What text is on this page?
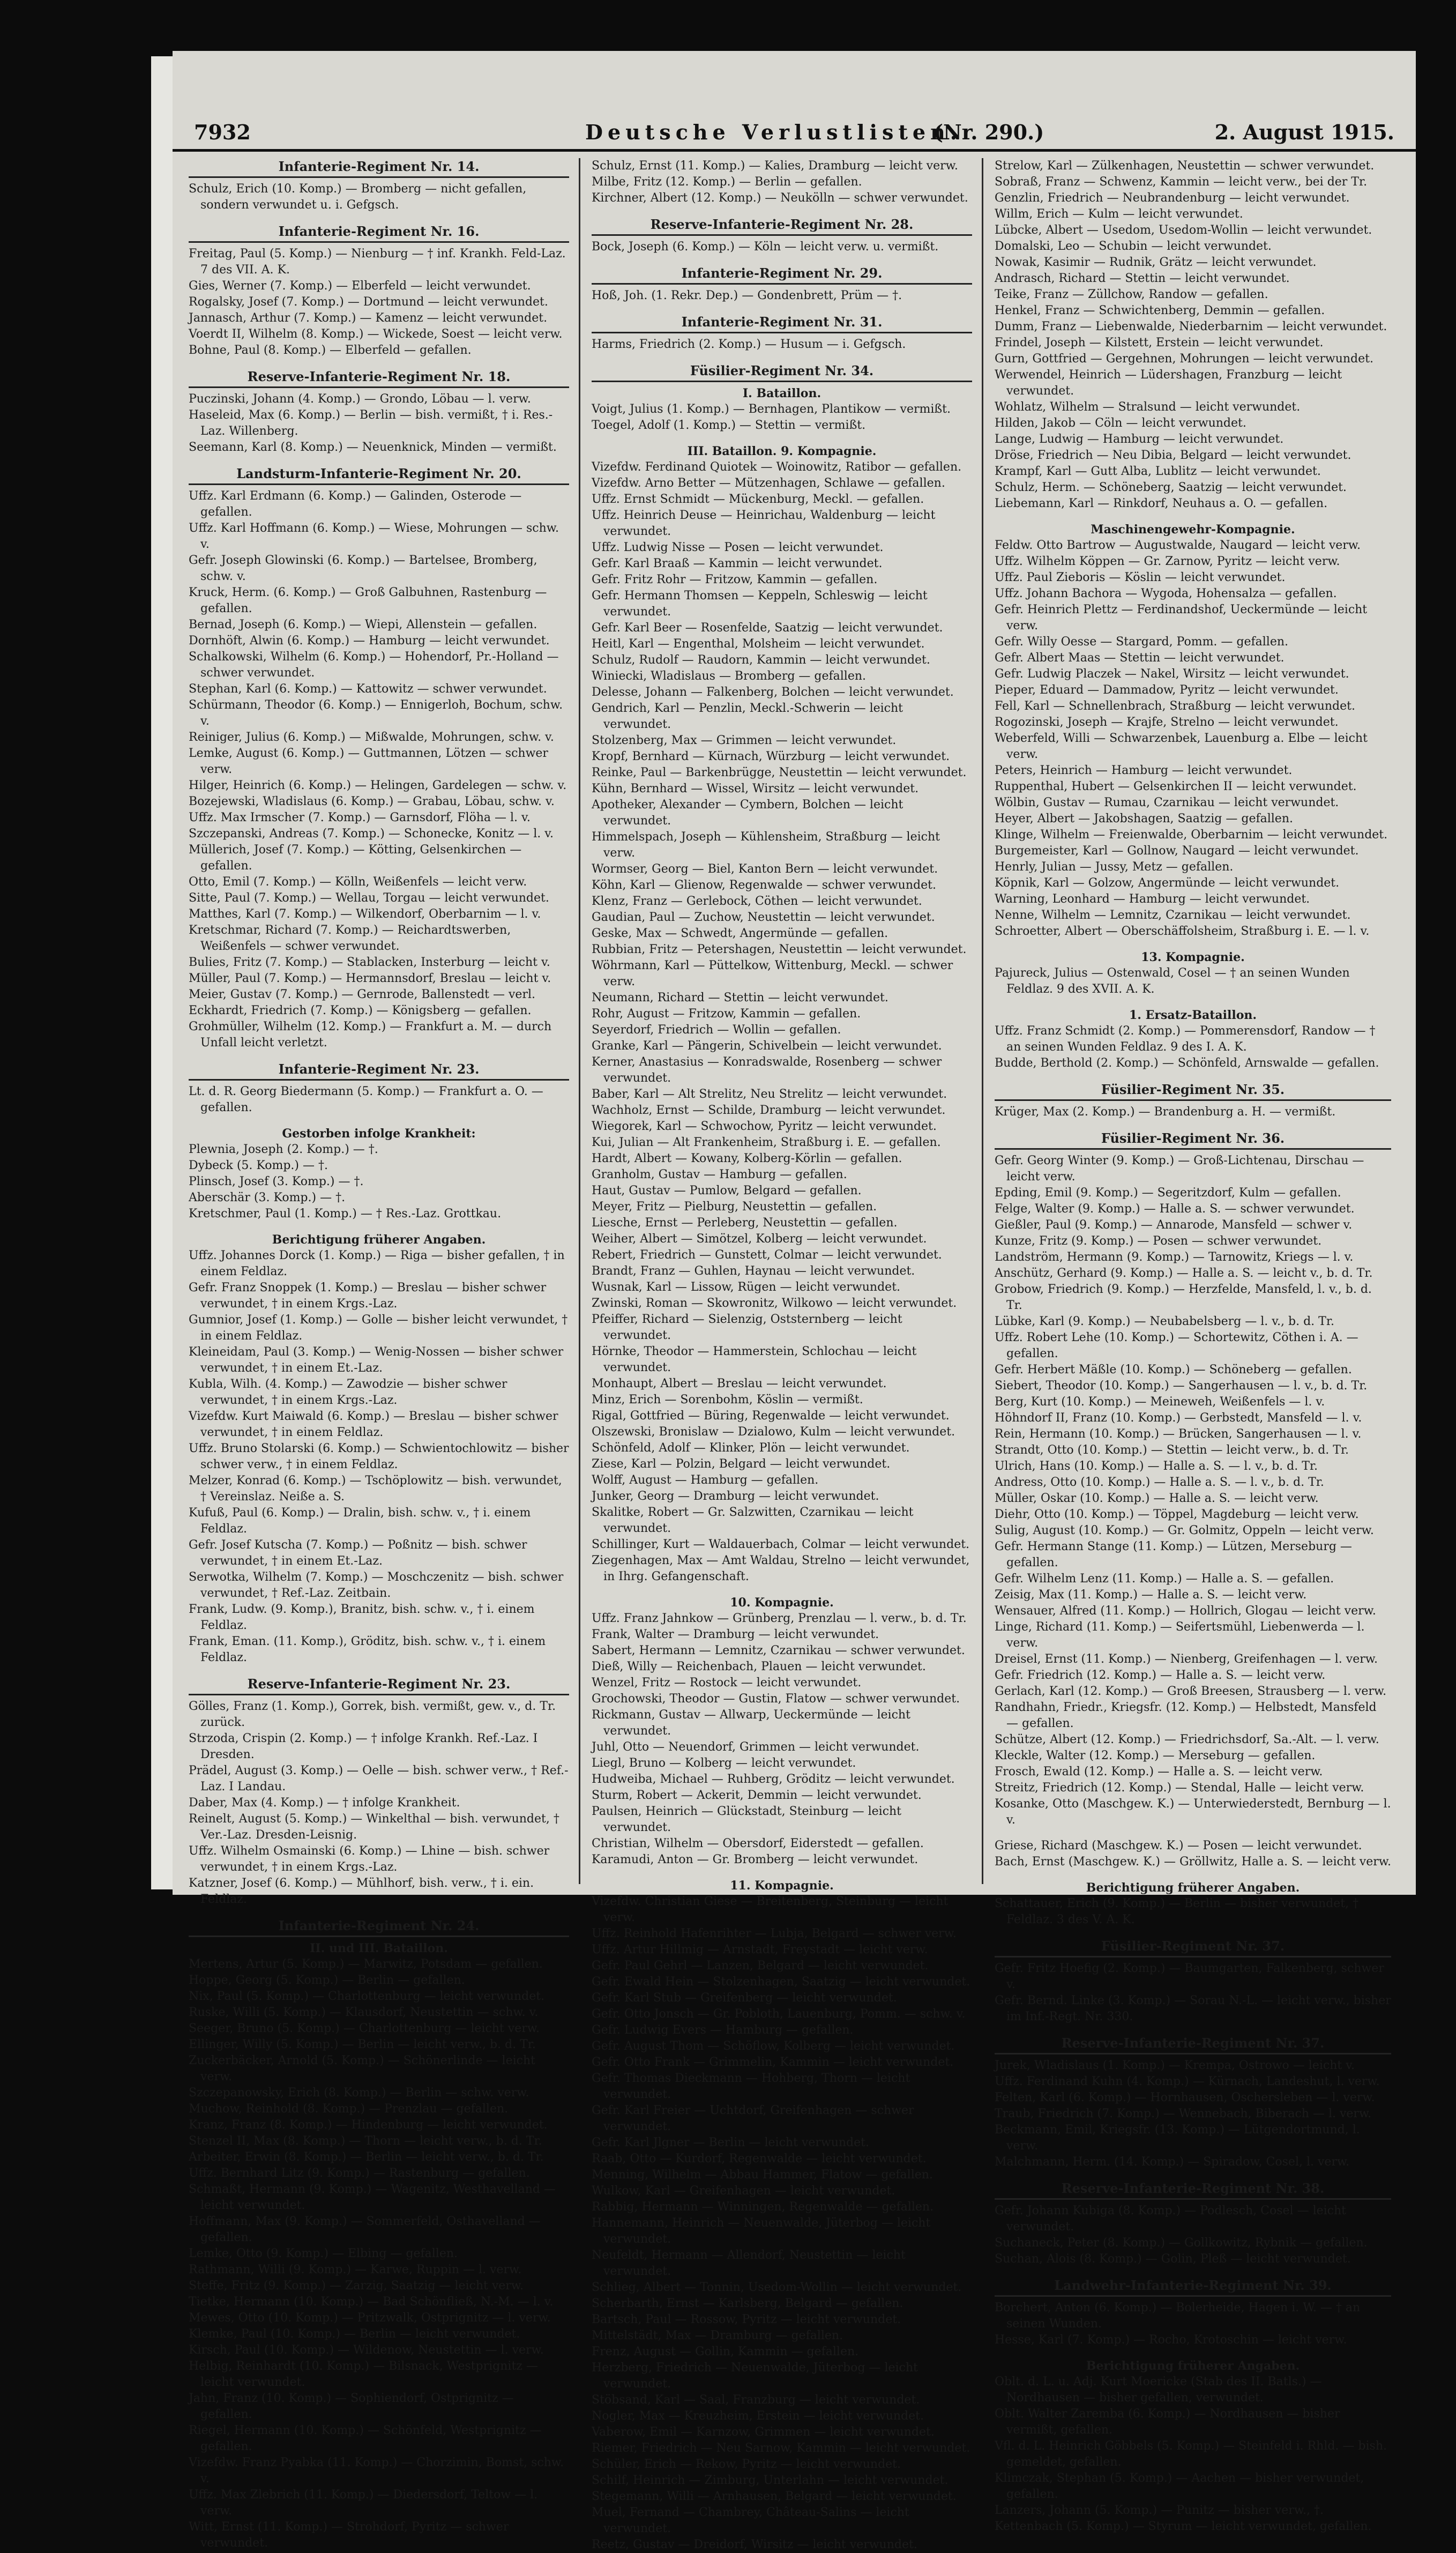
7932	Deutsche Verlustlisten.
(Nr. 290.)	2. August 1915.
Infanterie-Regiment Nr. 14.
Schulz, Erich (10. Komp.) — Bromberg — nicht gefallen, sondern verwundet u. i. Gefgsch.
Infanterie-Regiment Nr. 16.
Freitag, Paul (5. Komp.) — Nienburg — † inf. Krankh. Feld-Laz. 7 des VII. A. K.
Gies, Werner (7. Komp.) — Elberfeld — leicht verwundet.
Rogalsky, Josef (7. Komp.) — Dortmund — leicht verwundet.
Jannasch, Arthur (7. Komp.) — Kamenz — leicht verwundet.
Voerdt II, Wilhelm (8. Komp.) — Wickede, Soest — leicht verw.
Bohne, Paul (8. Komp.) — Elberfeld — gefallen.
Reserve-Infanterie-Regiment Nr. 18.
Puczinski, Johann (4. Komp.) — Grondo, Löbau — l. verw.
Haseleid, Max (6. Komp.) — Berlin — bish. vermißt, † i. Res.-Laz. Willenberg.
Seemann, Karl (8. Komp.) — Neuenknick, Minden — vermißt.
Landsturm-Infanterie-Regiment Nr. 20.
Uffz. Karl Erdmann (6. Komp.) — Galinden, Osterode — gefallen.
Uffz. Karl Hoffmann (6. Komp.) — Wiese, Mohrungen — schw. v.
Gefr. Joseph Glowinski (6. Komp.) — Bartelsee, Bromberg, schw. v.
Kruck, Herm. (6. Komp.) — Groß Galbuhnen, Rastenburg — gefallen.
Bernad, Joseph (6. Komp.) — Wiepi, Allenstein — gefallen.
Dornhöft, Alwin (6. Komp.) — Hamburg — leicht verwundet.
Schalkowski, Wilhelm (6. Komp.) — Hohendorf, Pr.-Holland — schwer verwundet.
Stephan, Karl (6. Komp.) — Kattowitz — schwer verwundet.
Schürmann, Theodor (6. Komp.) — Ennigerloh, Bochum, schw. v.
Reiniger, Julius (6. Komp.) — Mißwalde, Mohrungen, schw. v.
Lemke, August (6. Komp.) — Guttmannen, Lötzen — schwer verw.
Hilger, Heinrich (6. Komp.) — Helingen, Gardelegen — schw. v.
Bozejewski, Wladislaus (6. Komp.) — Grabau, Löbau, schw. v.
Uffz. Max Irmscher (7. Komp.) — Garnsdorf, Flöha — l. v.
Szczepanski, Andreas (7. Komp.) — Schonecke, Konitz — l. v.
Müllerich, Josef (7. Komp.) — Kötting, Gelsenkirchen — gefallen.
Otto, Emil (7. Komp.) — Kölln, Weißenfels — leicht verw.
Sitte, Paul (7. Komp.) — Wellau, Torgau — leicht verwundet.
Matthes, Karl (7. Komp.) — Wilkendorf, Oberbarnim — l. v.
Kretschmar, Richard (7. Komp.) — Reichardtswerben, Weißenfels — schwer verwundet.
Bulies, Fritz (7. Komp.) — Stablacken, Insterburg — leicht v.
Müller, Paul (7. Komp.) — Hermannsdorf, Breslau — leicht v.
Meier, Gustav (7. Komp.) — Gernrode, Ballenstedt — verl.
Eckhardt, Friedrich (7. Komp.) — Königsberg — gefallen.
Grohmüller, Wilhelm (12. Komp.) — Frankfurt a. M. — durch Unfall leicht verletzt.
Infanterie-Regiment Nr. 23.
Lt. d. R. Georg Biedermann (5. Komp.) — Frankfurt a. O. — gefallen.
Gestorben infolge Krankheit:
Plewnia, Joseph (2. Komp.) — †.
Dybeck (5. Komp.) — †.
Plinsch, Josef (3. Komp.) — †.
Aberschär (3. Komp.) — †.
Kretschmer, Paul (1. Komp.) — † Res.-Laz. Grottkau.
Berichtigung früherer Angaben.
Uffz. Johannes Dorck (1. Komp.) — Riga — bisher gefallen, † in einem Feldlaz.
Gefr. Franz Snoppek (1. Komp.) — Breslau — bisher schwer verwundet, † in einem Krgs.-Laz.
Gumnior, Josef (1. Komp.) — Golle — bisher leicht verwundet, † in einem Feldlaz.
Kleineidam, Paul (3. Komp.) — Wenig-Nossen — bisher schwer verwundet, † in einem Et.-Laz.
Kubla, Wilh. (4. Komp.) — Zawodzie — bisher schwer verwundet, † in einem Krgs.-Laz.
Vizefdw. Kurt Maiwald (6. Komp.) — Breslau — bisher schwer verwundet, † in einem Feldlaz.
Uffz. Bruno Stolarski (6. Komp.) — Schwientochlowitz — bisher schwer verw., † in einem Feldlaz.
Melzer, Konrad (6. Komp.) — Tschöplowitz — bish. verwundet, † Vereinslaz. Neiße a. S.
Kufuß, Paul (6. Komp.) — Dralin, bish. schw. v., † i. einem Feldlaz.
Gefr. Josef Kutscha (7. Komp.) — Poßnitz — bish. schwer verwundet, † in einem Et.-Laz.
Serwotka, Wilhelm (7. Komp.) — Moschczenitz — bish. schwer verwundet, † Ref.-Laz. Zeitbain.
Frank, Ludw. (9. Komp.), Branitz, bish. schw. v., † i. einem Feldlaz.
Frank, Eman. (11. Komp.), Gröditz, bish. schw. v., † i. einem Feldlaz.
Reserve-Infanterie-Regiment Nr. 23.
Gölles, Franz (1. Komp.), Gorrek, bish. vermißt, gew. v., d. Tr. zurück.
Strzoda, Crispin (2. Komp.) — † infolge Krankh. Ref.-Laz. I Dresden.
Prädel, August (3. Komp.) — Oelle — bish. schwer verw., † Ref.-Laz. I Landau.
Daber, Max (4. Komp.) — † infolge Krankheit.
Reinelt, August (5. Komp.) — Winkelthal — bish. verwundet, † Ver.-Laz. Dresden-Leisnig.
Uffz. Wilhelm Osmainski (6. Komp.) — Lhine — bish. schwer verwundet, † in einem Krgs.-Laz.
Katzner, Josef (6. Komp.) — Mühlhorf, bish. verw., † i. ein. Feldlaz.
Infanterie-Regiment Nr. 24.
II. und III. Bataillon.
Mertens, Artur (5. Komp.) — Marwitz, Potsdam — gefallen.
Hoppe, Georg (5. Komp.) — Berlin — gefallen.
Nix, Paul (5. Komp.) — Charlottenburg — leicht verwundet.
Ruske, Willi (5. Komp.) — Klausdorf, Neustettin — schw. v.
Seeger, Bruno (5. Komp.) — Charlottenburg — leicht verw.
Ellinger, Willy (5. Komp.) — Berlin — leicht verw., b. d. Tr.
Zuckerbäcker, Arnold (5. Komp.) — Schönerlinde — leicht verw.
Szczepanowsky, Erich (8. Komp.) — Berlin — schw. verw.
Muchow, Reinhold (8. Komp.) — Prenzlau — gefallen.
Kranz, Franz (8. Komp.) — Hindenburg — leicht verwundet.
Stenzel II, Max (8. Komp.) — Thorn — leicht verw., b. d. Tr.
Arbeiter, Erwin (8. Komp.) — Berlin — leicht verw., b. d. Tr.
Uffz. Bernhard Litz (9. Komp.) — Rastenburg — gefallen.
Schmaßt, Hermann (9. Komp.) — Wagenitz, Westhavelland — leicht verwundet.
Hoffmann, Max (9. Komp.) — Sommerfeld, Osthavelland — gefallen.
Lemke, Otto (9. Komp.) — Elbing — gefallen.
Rathmann, Willi (9. Komp.) — Karwe, Ruppin — l. verw.
Steffe, Fritz (9. Komp.) — Zarzig, Saatzig — leicht verw.
Tietke, Hermann (10. Komp.) — Bad Schönfließ, N.-M. — l. v.
Mewes, Otto (10. Komp.) — Pritzwalk, Ostprignitz — l. verw.
Klemke, Paul (10. Komp.) — Berlin — leicht verwundet.
Kirsch, Paul (10. Komp.) — Wildenow, Neustettin — l. verw.
Helbig, Reinhardt (10. Komp.) — Bilsnack, Westprignitz — leicht verwundet.
Jahn, Franz (10. Komp.) — Sophiendorf, Ostprignitz — gefallen.
Riegel, Hermann (10. Komp.) — Schönfeld, Westprignitz — gefallen.
Vizefdw. Franz Pyabka (11. Komp.) — Chorzimin, Bomst, schw. v.
Uffz. Max Zlebrich (11. Komp.) — Diedersdorf, Teltow — l. verw.
Witt, Ernst (11. Komp.) — Strohdorf, Pyritz — schwer verwundet.
Schulz, Ernst (11. Komp.) — Kalies, Dramburg — leicht verw.
Milbe, Fritz (12. Komp.) — Berlin — gefallen.
Kirchner, Albert (12. Komp.) — Neukölln — schwer verwundet.
Reserve-Infanterie-Regiment Nr. 28.
Bock, Joseph (6. Komp.) — Köln — leicht verw. u. vermißt.
Infanterie-Regiment Nr. 29.
Hoß, Joh. (1. Rekr. Dep.) — Gondenbrett, Prüm — †.
Infanterie-Regiment Nr. 31.
Harms, Friedrich (2. Komp.) — Husum — i. Gefgsch.
Füsilier-Regiment Nr. 34.
I. Bataillon.
Voigt, Julius (1. Komp.) — Bernhagen, Plantikow — vermißt.
Toegel, Adolf (1. Komp.) — Stettin — vermißt.
III. Bataillon. 9. Kompagnie.
Vizefdw. Ferdinand Quiotek — Woinowitz, Ratibor — gefallen.
Vizefdw. Arno Better — Mützenhagen, Schlawe — gefallen.
Uffz. Ernst Schmidt — Mückenburg, Meckl. — gefallen.
Uffz. Heinrich Deuse — Heinrichau, Waldenburg — leicht verwundet.
Uffz. Ludwig Nisse — Posen — leicht verwundet.
Gefr. Karl Braaß — Kammin — leicht verwundet.
Gefr. Fritz Rohr — Fritzow, Kammin — gefallen.
Gefr. Hermann Thomsen — Keppeln, Schleswig — leicht verwundet.
Gefr. Karl Beer — Rosenfelde, Saatzig — leicht verwundet.
Heitl, Karl — Engenthal, Molsheim — leicht verwundet.
Schulz, Rudolf — Raudorn, Kammin — leicht verwundet.
Winiecki, Wladislaus — Bromberg — gefallen.
Delesse, Johann — Falkenberg, Bolchen — leicht verwundet.
Gendrich, Karl — Penzlin, Meckl.-Schwerin — leicht verwundet.
Stolzenberg, Max — Grimmen — leicht verwundet.
Kropf, Bernhard — Kürnach, Würzburg — leicht verwundet.
Reinke, Paul — Barkenbrügge, Neustettin — leicht verwundet.
Kühn, Bernhard — Wissel, Wirsitz — leicht verwundet.
Apotheker, Alexander — Cymbern, Bolchen — leicht verwundet.
Himmelspach, Joseph — Kühlensheim, Straßburg — leicht verw.
Wormser, Georg — Biel, Kanton Bern — leicht verwundet.
Köhn, Karl — Glienow, Regenwalde — schwer verwundet.
Klenz, Franz — Gerlebock, Cöthen — leicht verwundet.
Gaudian, Paul — Zuchow, Neustettin — leicht verwundet.
Geske, Max — Schwedt, Angermünde — gefallen.
Rubbian, Fritz — Petershagen, Neustettin — leicht verwundet.
Wöhrmann, Karl — Püttelkow, Wittenburg, Meckl. — schwer verw.
Neumann, Richard — Stettin — leicht verwundet.
Rohr, August — Fritzow, Kammin — gefallen.
Seyerdorf, Friedrich — Wollin — gefallen.
Granke, Karl — Pängerin, Schivelbein — leicht verwundet.
Kerner, Anastasius — Konradswalde, Rosenberg — schwer verwundet.
Baber, Karl — Alt Strelitz, Neu Strelitz — leicht verwundet.
Wachholz, Ernst — Schilde, Dramburg — leicht verwundet.
Wiegorek, Karl — Schwochow, Pyritz — leicht verwundet.
Kui, Julian — Alt Frankenheim, Straßburg i. E. — gefallen.
Hardt, Albert — Kowany, Kolberg-Körlin — gefallen.
Granholm, Gustav — Hamburg — gefallen.
Haut, Gustav — Pumlow, Belgard — gefallen.
Meyer, Fritz — Pielburg, Neustettin — gefallen.
Liesche, Ernst — Perleberg, Neustettin — gefallen.
Weiher, Albert — Simötzel, Kolberg — leicht verwundet.
Rebert, Friedrich — Gunstett, Colmar — leicht verwundet.
Brandt, Franz — Guhlen, Haynau — leicht verwundet.
Wusnak, Karl — Lissow, Rügen — leicht verwundet.
Zwinski, Roman — Skowronitz, Wilkowo — leicht verwundet.
Pfeiffer, Richard — Sielenzig, Oststernberg — leicht verwundet.
Hörnke, Theodor — Hammerstein, Schlochau — leicht verwundet.
Monhaupt, Albert — Breslau — leicht verwundet.
Minz, Erich — Sorenbohm, Köslin — vermißt.
Rigal, Gottfried — Büring, Regenwalde — leicht verwundet.
Olszewski, Bronislaw — Dzialowo, Kulm — leicht verwundet.
Schönfeld, Adolf — Klinker, Plön — leicht verwundet.
Ziese, Karl — Polzin, Belgard — leicht verwundet.
Wolff, August — Hamburg — gefallen.
Junker, Georg — Dramburg — leicht verwundet.
Skalitke, Robert — Gr. Salzwitten, Czarnikau — leicht verwundet.
Schillinger, Kurt — Waldauerbach, Colmar — leicht verwundet.
Ziegenhagen, Max — Amt Waldau, Strelno — leicht verwundet, in Ihrg. Gefangenschaft.
10. Kompagnie.
Uffz. Franz Jahnkow — Grünberg, Prenzlau — l. verw., b. d. Tr.
Frank, Walter — Dramburg — leicht verwundet.
Sabert, Hermann — Lemnitz, Czarnikau — schwer verwundet.
Dieß, Willy — Reichenbach, Plauen — leicht verwundet.
Wenzel, Fritz — Rostock — leicht verwundet.
Grochowski, Theodor — Gustin, Flatow — schwer verwundet.
Rickmann, Gustav — Allwarp, Ueckermünde — leicht verwundet.
Juhl, Otto — Neuendorf, Grimmen — leicht verwundet.
Liegl, Bruno — Kolberg — leicht verwundet.
Hudweiba, Michael — Ruhberg, Gröditz — leicht verwundet.
Sturm, Robert — Ackerit, Demmin — leicht verwundet.
Paulsen, Heinrich — Glückstadt, Steinburg — leicht verwundet.
Christian, Wilhelm — Obersdorf, Eiderstedt — gefallen.
Karamudi, Anton — Gr. Bromberg — leicht verwundet.
11. Kompagnie.
Vizefdw. Christian Giese — Breitenberg, Steinburg — leicht verw.
Uffz. Reinhold Hafenrihter — Lubja, Belgard — schwer verw.
Uffz. Artur Hillmig — Arnstadt, Freystadt — leicht verw.
Gefr. Paul Gehrl — Lanzen, Belgard — leicht verwundet.
Gefr. Ewald Hein — Stolzenhagen, Saatzig — leicht verwundet.
Gefr. Karl Stub — Greifenberg — leicht verwundet.
Gefr. Otto Jonsch — Gr. Pobloth, Lauenburg, Pomm. — schw. v.
Gefr. Ludwig Evers — Hamburg — gefallen.
Gefr. August Thom — Schöflow, Kolberg — leicht verwundet.
Gefr. Otto Frank — Grimmelin, Kammin — leicht verwundet.
Gefr. Thomas Dieckmann — Hohberg, Thorn — leicht verwundet.
Gefr. Karl Freier — Uchtdorf, Greifenhagen — schwer verwundet.
Gefr. Karl Jlgner — Berlin — leicht verwundet.
Raab, Otto — Kurdorf, Regenwalde — leicht verwundet.
Menning, Wilhelm — Abbau Hammer, Flatow — gefallen.
Wulkow, Karl — Greifenhagen — leicht verwundet.
Rabbig, Hermann — Winningen, Regenwalde — gefallen.
Hannemann, Heinrich — Neuenwalde, Jüterbog — leicht verwundet.
Neufeldt, Hermann — Allendorf, Neustettin — leicht verwundet.
Schlieg, Albert — Tonnin, Usedom-Wollin — leicht verwundet.
Scherbarth, Ernst — Karlsberg, Belgard — gefallen.
Bartsch, Paul — Rossow, Pyritz — leicht verwundet.
Mittelstädt, Max — Dramburg — gefallen.
Frenz, August — Gollin, Kammin — gefallen.
Herzberg, Friedrich — Neuenwalde, Jüterbog — leicht verwundet.
Stöbsand, Karl — Saal, Franzburg — leicht verwundet.
Nogler, Max — Kreuzheim, Erstein — leicht verwundet.
Vaberow, Emil — Karnzow, Grimmen — leicht verwundet.
Riemer, Friedrich — Neu Sarnow, Kammin — leicht verwundet.
Schüler, Erich — Rekow, Pyritz — leicht verwundet.
Schilf, Heinrich — Zimburg, Unterlahn — leicht verwundet.
Stegemann, Willi — Arnhausen, Belgard — leicht verwundet.
Muel, Fernand — Chambrey, Château-Salins — leicht verwundet.
Reetz, Gustav — Dreidorf, Wirsitz — leicht verwundet.
Strelow, Karl — Zülkenhagen, Neustettin — schwer verwundet.
Sobraß, Franz — Schwenz, Kammin — leicht verw., bei der Tr.
Genzlin, Friedrich — Neubrandenburg — leicht verwundet.
Willm, Erich — Kulm — leicht verwundet.
Lübcke, Albert — Usedom, Usedom-Wollin — leicht verwundet.
Domalski, Leo — Schubin — leicht verwundet.
Nowak, Kasimir — Rudnik, Grätz — leicht verwundet.
Andrasch, Richard — Stettin — leicht verwundet.
Teike, Franz — Züllchow, Randow — gefallen.
Henkel, Franz — Schwichtenberg, Demmin — gefallen.
Dumm, Franz — Liebenwalde, Niederbarnim — leicht verwundet.
Frindel, Joseph — Kilstett, Erstein — leicht verwundet.
Gurn, Gottfried — Gergehnen, Mohrungen — leicht verwundet.
Werwendel, Heinrich — Lüdershagen, Franzburg — leicht verwundet.
Wohlatz, Wilhelm — Stralsund — leicht verwundet.
Hilden, Jakob — Cöln — leicht verwundet.
Lange, Ludwig — Hamburg — leicht verwundet.
Dröse, Friedrich — Neu Dibia, Belgard — leicht verwundet.
Krampf, Karl — Gutt Alba, Lublitz — leicht verwundet.
Schulz, Herm. — Schöneberg, Saatzig — leicht verwundet.
Liebemann, Karl — Rinkdorf, Neuhaus a. O. — gefallen.
Maschinengewehr-Kompagnie.
Feldw. Otto Bartrow — Augustwalde, Naugard — leicht verw.
Uffz. Wilhelm Köppen — Gr. Zarnow, Pyritz — leicht verw.
Uffz. Paul Zieboris — Köslin — leicht verwundet.
Uffz. Johann Bachora — Wygoda, Hohensalza — gefallen.
Gefr. Heinrich Plettz — Ferdinandshof, Ueckermünde — leicht verw.
Gefr. Willy Oesse — Stargard, Pomm. — gefallen.
Gefr. Albert Maas — Stettin — leicht verwundet.
Gefr. Ludwig Placzek — Nakel, Wirsitz — leicht verwundet.
Pieper, Eduard — Dammadow, Pyritz — leicht verwundet.
Fell, Karl — Schnellenbrach, Straßburg — leicht verwundet.
Rogozinski, Joseph — Krajfe, Strelno — leicht verwundet.
Weberfeld, Willi — Schwarzenbek, Lauenburg a. Elbe — leicht verw.
Peters, Heinrich — Hamburg — leicht verwundet.
Ruppenthal, Hubert — Gelsenkirchen II — leicht verwundet.
Wölbin, Gustav — Rumau, Czarnikau — leicht verwundet.
Heyer, Albert — Jakobshagen, Saatzig — gefallen.
Klinge, Wilhelm — Freienwalde, Oberbarnim — leicht verwundet.
Burgemeister, Karl — Gollnow, Naugard — leicht verwundet.
Henrly, Julian — Jussy, Metz — gefallen.
Köpnik, Karl — Golzow, Angermünde — leicht verwundet.
Warning, Leonhard — Hamburg — leicht verwundet.
Nenne, Wilhelm — Lemnitz, Czarnikau — leicht verwundet.
Schroetter, Albert — Oberschäffolsheim, Straßburg i. E. — l. v.
13. Kompagnie.
Pajureck, Julius — Ostenwald, Cosel — † an seinen Wunden Feldlaz. 9 des XVII. A. K.
1. Ersatz-Bataillon.
Uffz. Franz Schmidt (2. Komp.) — Pommerensdorf, Randow — † an seinen Wunden Feldlaz. 9 des I. A. K.
Budde, Berthold (2. Komp.) — Schönfeld, Arnswalde — gefallen.
Füsilier-Regiment Nr. 35.
Krüger, Max (2. Komp.) — Brandenburg a. H. — vermißt.
Füsilier-Regiment Nr. 36.
Gefr. Georg Winter (9. Komp.) — Groß-Lichtenau, Dirschau — leicht verw.
Epding, Emil (9. Komp.) — Segeritzdorf, Kulm — gefallen.
Felge, Walter (9. Komp.) — Halle a. S. — schwer verwundet.
Gießler, Paul (9. Komp.) — Annarode, Mansfeld — schwer v.
Kunze, Fritz (9. Komp.) — Posen — schwer verwundet.
Landström, Hermann (9. Komp.) — Tarnowitz, Kriegs — l. v.
Anschütz, Gerhard (9. Komp.) — Halle a. S. — leicht v., b. d. Tr.
Grobow, Friedrich (9. Komp.) — Herzfelde, Mansfeld, l. v., b. d. Tr.
Lübke, Karl (9. Komp.) — Neubabelsberg — l. v., b. d. Tr.
Uffz. Robert Lehe (10. Komp.) — Schortewitz, Cöthen i. A. — gefallen.
Gefr. Herbert Mäßle (10. Komp.) — Schöneberg — gefallen.
Siebert, Theodor (10. Komp.) — Sangerhausen — l. v., b. d. Tr.
Berg, Kurt (10. Komp.) — Meineweh, Weißenfels — l. v.
Höhndorf II, Franz (10. Komp.) — Gerbstedt, Mansfeld — l. v.
Rein, Hermann (10. Komp.) — Brücken, Sangerhausen — l. v.
Strandt, Otto (10. Komp.) — Stettin — leicht verw., b. d. Tr.
Ulrich, Hans (10. Komp.) — Halle a. S. — l. v., b. d. Tr.
Andress, Otto (10. Komp.) — Halle a. S. — l. v., b. d. Tr.
Müller, Oskar (10. Komp.) — Halle a. S. — leicht verw.
Diehr, Otto (10. Komp.) — Töppel, Magdeburg — leicht verw.
Sulig, August (10. Komp.) — Gr. Golmitz, Oppeln — leicht verw.
Gefr. Hermann Stange (11. Komp.) — Lützen, Merseburg — gefallen.
Gefr. Wilhelm Lenz (11. Komp.) — Halle a. S. — gefallen.
Zeisig, Max (11. Komp.) — Halle a. S. — leicht verw.
Wensauer, Alfred (11. Komp.) — Hollrich, Glogau — leicht verw.
Linge, Richard (11. Komp.) — Seifertsmühl, Liebenwerda — l. verw.
Dreisel, Ernst (11. Komp.) — Nienberg, Greifenhagen — l. verw.
Gefr. Friedrich (12. Komp.) — Halle a. S. — leicht verw.
Gerlach, Karl (12. Komp.) — Groß Breesen, Strausberg — l. verw.
Randhahn, Friedr., Kriegsfr. (12. Komp.) — Helbstedt, Mansfeld — gefallen.
Schütze, Albert (12. Komp.) — Friedrichsdorf, Sa.-Alt. — l. verw.
Kleckle, Walter (12. Komp.) — Merseburg — gefallen.
Frosch, Ewald (12. Komp.) — Halle a. S. — leicht verw.
Streitz, Friedrich (12. Komp.) — Stendal, Halle — leicht verw.
Kosanke, Otto (Maschgew. K.) — Unterwiederstedt, Bernburg — l. v.
Griese, Richard (Maschgew. K.) — Posen — leicht verwundet.
Bach, Ernst (Maschgew. K.) — Gröllwitz, Halle a. S. — leicht verw.
Berichtigung früherer Angaben.
Schattauer, Erich (9. Komp.) — Berlin — bisher verwundet, † Feldlaz. 3 des V. A. K.
Füsilier-Regiment Nr. 37.
Gefr. Fritz Hoefig (2. Komp.) — Baumgarten, Falkenberg, schwer v.
Gefr. Bernd. Linke (3. Komp.) — Sorau N.-L. — leicht verw., bisher im Inf.-Regt. Nr. 330.
Reserve-Infanterie-Regiment Nr. 37.
Jurek, Wladislaus (1. Komp.) — Krempa, Ostrowo — leicht v.
Uffz. Ferdinand Kuhn (4. Komp.) — Kürnach, Landeshut, l. verw.
Felten, Karl (6. Komp.) — Hornhausen, Oschersleben — l. verw.
Traub, Friedrich (7. Komp.) — Wennebach, Biberach — l. verw.
Beckmann, Emil, Kriegsfr. (13. Komp.) — Lütgendortmund, l. verw.
Malchmann, Herm. (14. Komp.) — Spiradow, Cosel, l. verw.
Reserve-Infanterie-Regiment Nr. 38.
Gefr. Johann Kubiga (8. Komp.) — Podlesch, Cosel — leicht verwundet.
Suchaneck, Peter (8. Komp.) — Gollkowitz, Rybnik — gefallen.
Suchan, Alois (8. Komp.) — Golin, Pleß — leicht verwundet.
Landwehr-Infanterie-Regiment Nr. 39.
Borchert, Anton (6. Komp.) — Bolerheide, Hagen i. W. — † an seinen Wunden.
Hesse, Karl (7. Komp.) — Rocho, Krotoschin — leicht verw.
Berichtigung früherer Angaben.
Oblt. d. L. u. Adj. Kurt Moericke (Stab des II. Batls.) — Nordhausen — bisher gefallen, verwundet.
Oblt. Walter Zaremba (6. Komp.) — Nordhausen — bisher vermißt, gefallen.
Vfl. d. L. Heinrich Göbbels (5. Komp.) — Steinfeld i. Rhld. — bish. gemeldet, gefallen.
Klimczak, Stephan (5. Komp.) — Aachen — bisher verwundet, gefallen.
Lanzers, Johann (5. Komp.) — Punitz — bisher verw., †.
Kettenbach (5. Komp.) — Styrum — leicht verwundet, gefallen.
